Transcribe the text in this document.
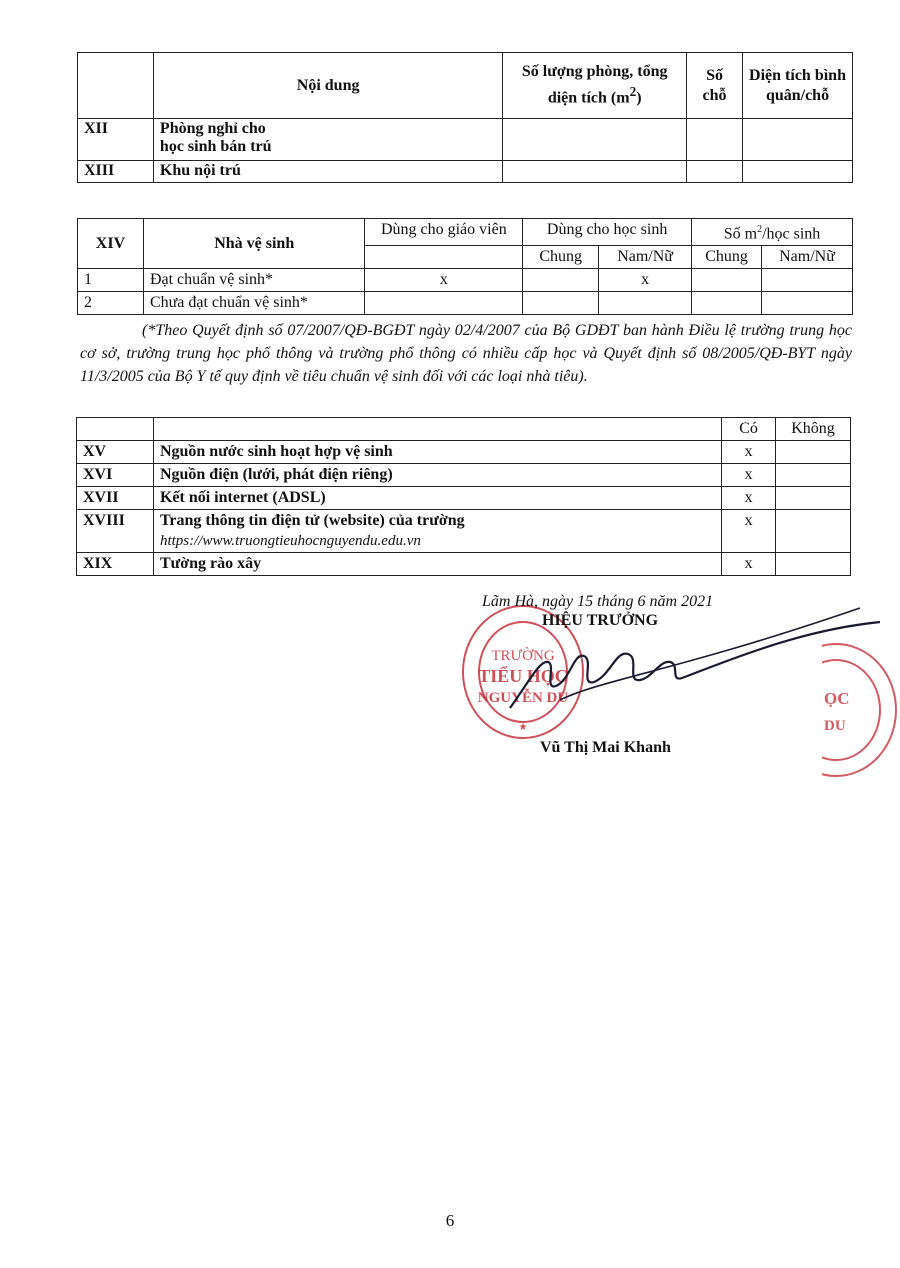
	Nội dung	Số lượng phòng, tổng diện tích $(m^2)$	Số chỗ	Diện tích bình quân/chỗ
XII	Phòng nghỉ cho
học sinh bán trú			

XIII	Khu nội trú			
XIV	Nhà vệ sinh	Dùng cho giáo viên	Dùng cho học sinh		Số $m^2$/học sinh	
			Chung	Nam/Nữ	Chung	Nam/Nữ
1	Đạt chuẩn vệ sinh*	x		x		
2	Chưa đạt chuẩn vệ sinh*					

(*Theo Quyết định số 07/2007/QĐ-BGĐT ngày 02/4/2007 của Bộ GDĐT ban hành Điều lệ trường trung học cơ sở, trường trung học phổ thông và trường phổ thông có nhiều cấp học và Quyết định số 08/2005/QĐ-BYT ngày 11/3/2005 của Bộ Y tế quy định về tiêu chuẩn vệ sinh đối với các loại nhà tiêu).

		Có	Không
XV	Nguồn nước sinh hoạt hợp vệ sinh	x	
XVI	Nguồn điện (lưới, phát điện riêng)	x	
XVII	Kết nối internet (ADSL)	x	
XVIII	Trang thông tin điện tử (website) của trường
https://www.truongtieuhocnguyendu.edu.vn	x	
XIX	Tường rào xây	x	
TRƯỜNG
TIỂU HỌC
NGUYỄN DU
★
ỌC
DU
Lãm Hà, ngày 15 tháng 6 năm 2021
HIỆU TRƯỞNG
Vũ Thị Mai Khanh
6
